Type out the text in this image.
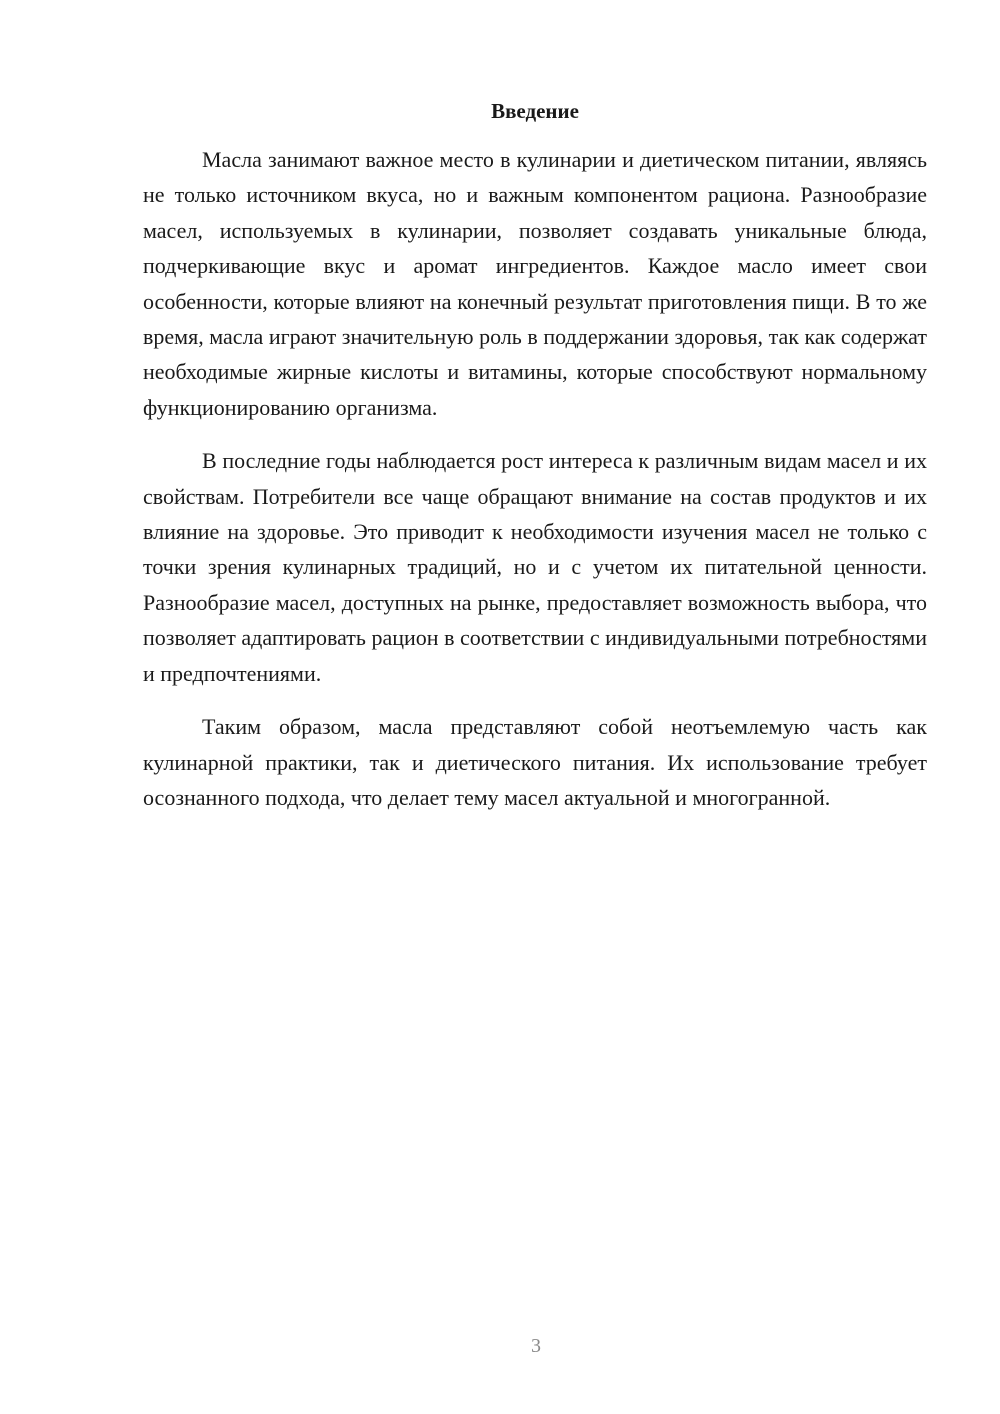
Введение

Масла занимают важное место в кулинарии и диетическом питании, являясь не только источником вкуса, но и важным компонентом рациона. Разнообразие масел, используемых в кулинарии, позволяет создавать уникальные блюда, подчеркивающие вкус и аромат ингредиентов. Каждое масло имеет свои особенности, которые влияют на конечный результат приготовления пищи. В то же время, масла играют значительную роль в поддержании здоровья, так как содержат необходимые жирные кислоты и витамины, которые способствуют нормальному функционированию организма.

В последние годы наблюдается рост интереса к различным видам масел и их свойствам. Потребители все чаще обращают внимание на состав продуктов и их влияние на здоровье. Это приводит к необходимости изучения масел не только с точки зрения кулинарных традиций, но и с учетом их питательной ценности. Разнообразие масел, доступных на рынке, предоставляет возможность выбора, что позволяет адаптировать рацион в соответствии с индивидуальными потребностями и предпочтениями.

Таким образом, масла представляют собой неотъемлемую часть как кулинарной практики, так и диетического питания. Их использование требует осознанного подхода, что делает тему масел актуальной и многогранной.

3
